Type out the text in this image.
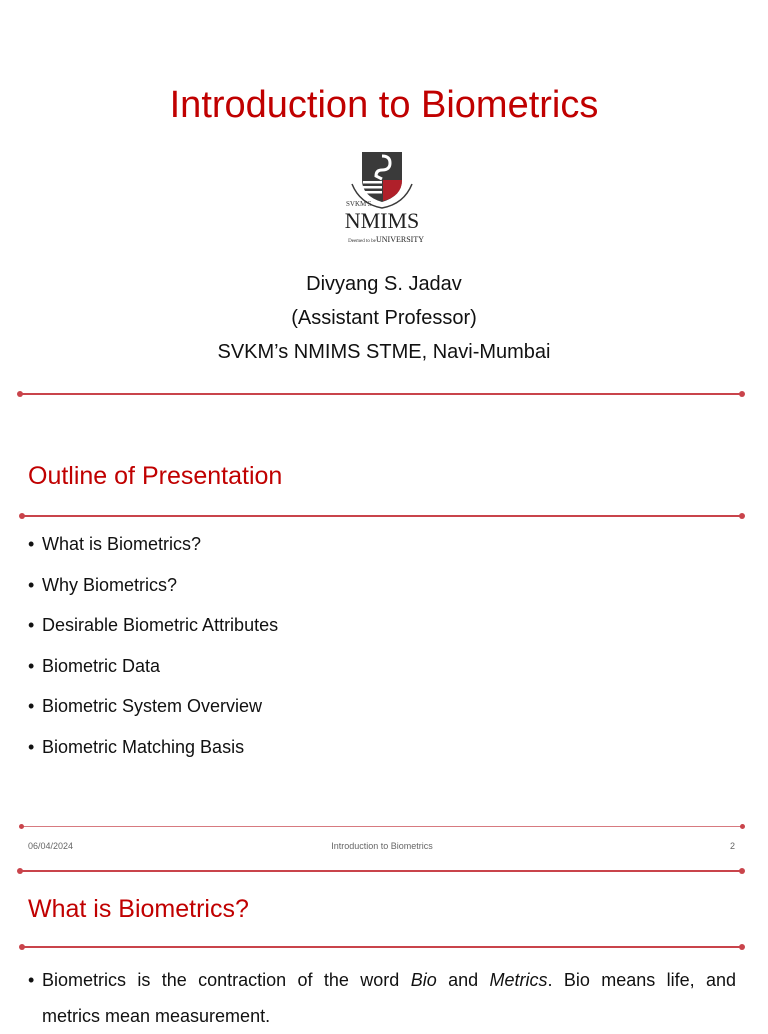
Introduction to Biometrics
SVKM'S
NMIMS
Deemed to be UNIVERSITY
Divyang S. Jadav
(Assistant Professor)
SVKM’s NMIMS STME, Navi-Mumbai
Outline of Presentation
• What is Biometrics?
• Why Biometrics?
• Desirable Biometric Attributes
• Biometric Data
• Biometric System Overview
• Biometric Matching Basis
06/04/2024	Introduction to Biometrics	2
What is Biometrics?
• Biometrics is the contraction of the word Bio and Metrics. Bio means life, and
metrics mean measurement.
